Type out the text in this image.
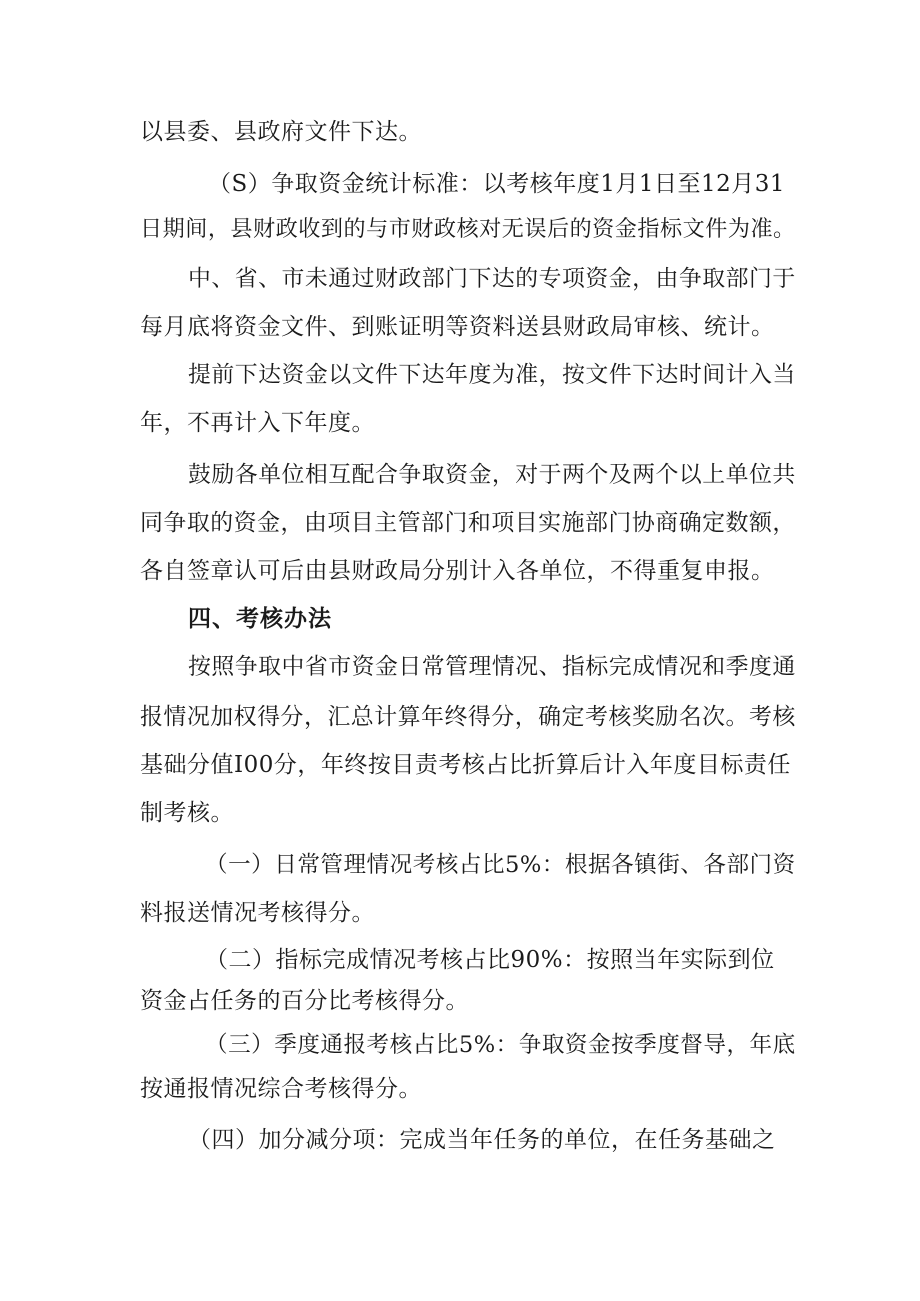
以县委、县政府文件下达。
（S）争取资金统计标准：以考核年度1月1日至12月31
日期间，县财政收到的与市财政核对无误后的资金指标文件为准。
中、省、市未通过财政部门下达的专项资金，由争取部门于
每月底将资金文件、到账证明等资料送县财政局审核、统计。
提前下达资金以文件下达年度为准，按文件下达时间计入当
年，不再计入下年度。
鼓励各单位相互配合争取资金，对于两个及两个以上单位共
同争取的资金，由项目主管部门和项目实施部门协商确定数额，
各自签章认可后由县财政局分别计入各单位，不得重复申报。
四、考核办法
按照争取中省市资金日常管理情况、指标完成情况和季度通
报情况加权得分，汇总计算年终得分，确定考核奖励名次。考核
基础分值I00分，年终按目责考核占比折算后计入年度目标责任
制考核。
（一）日常管理情况考核占比5%：根据各镇街、各部门资
料报送情况考核得分。
（二）指标完成情况考核占比90%：按照当年实际到位
资金占任务的百分比考核得分。
（三）季度通报考核占比5%：争取资金按季度督导，年底
按通报情况综合考核得分。
（四）加分减分项：完成当年任务的单位，在任务基础之
